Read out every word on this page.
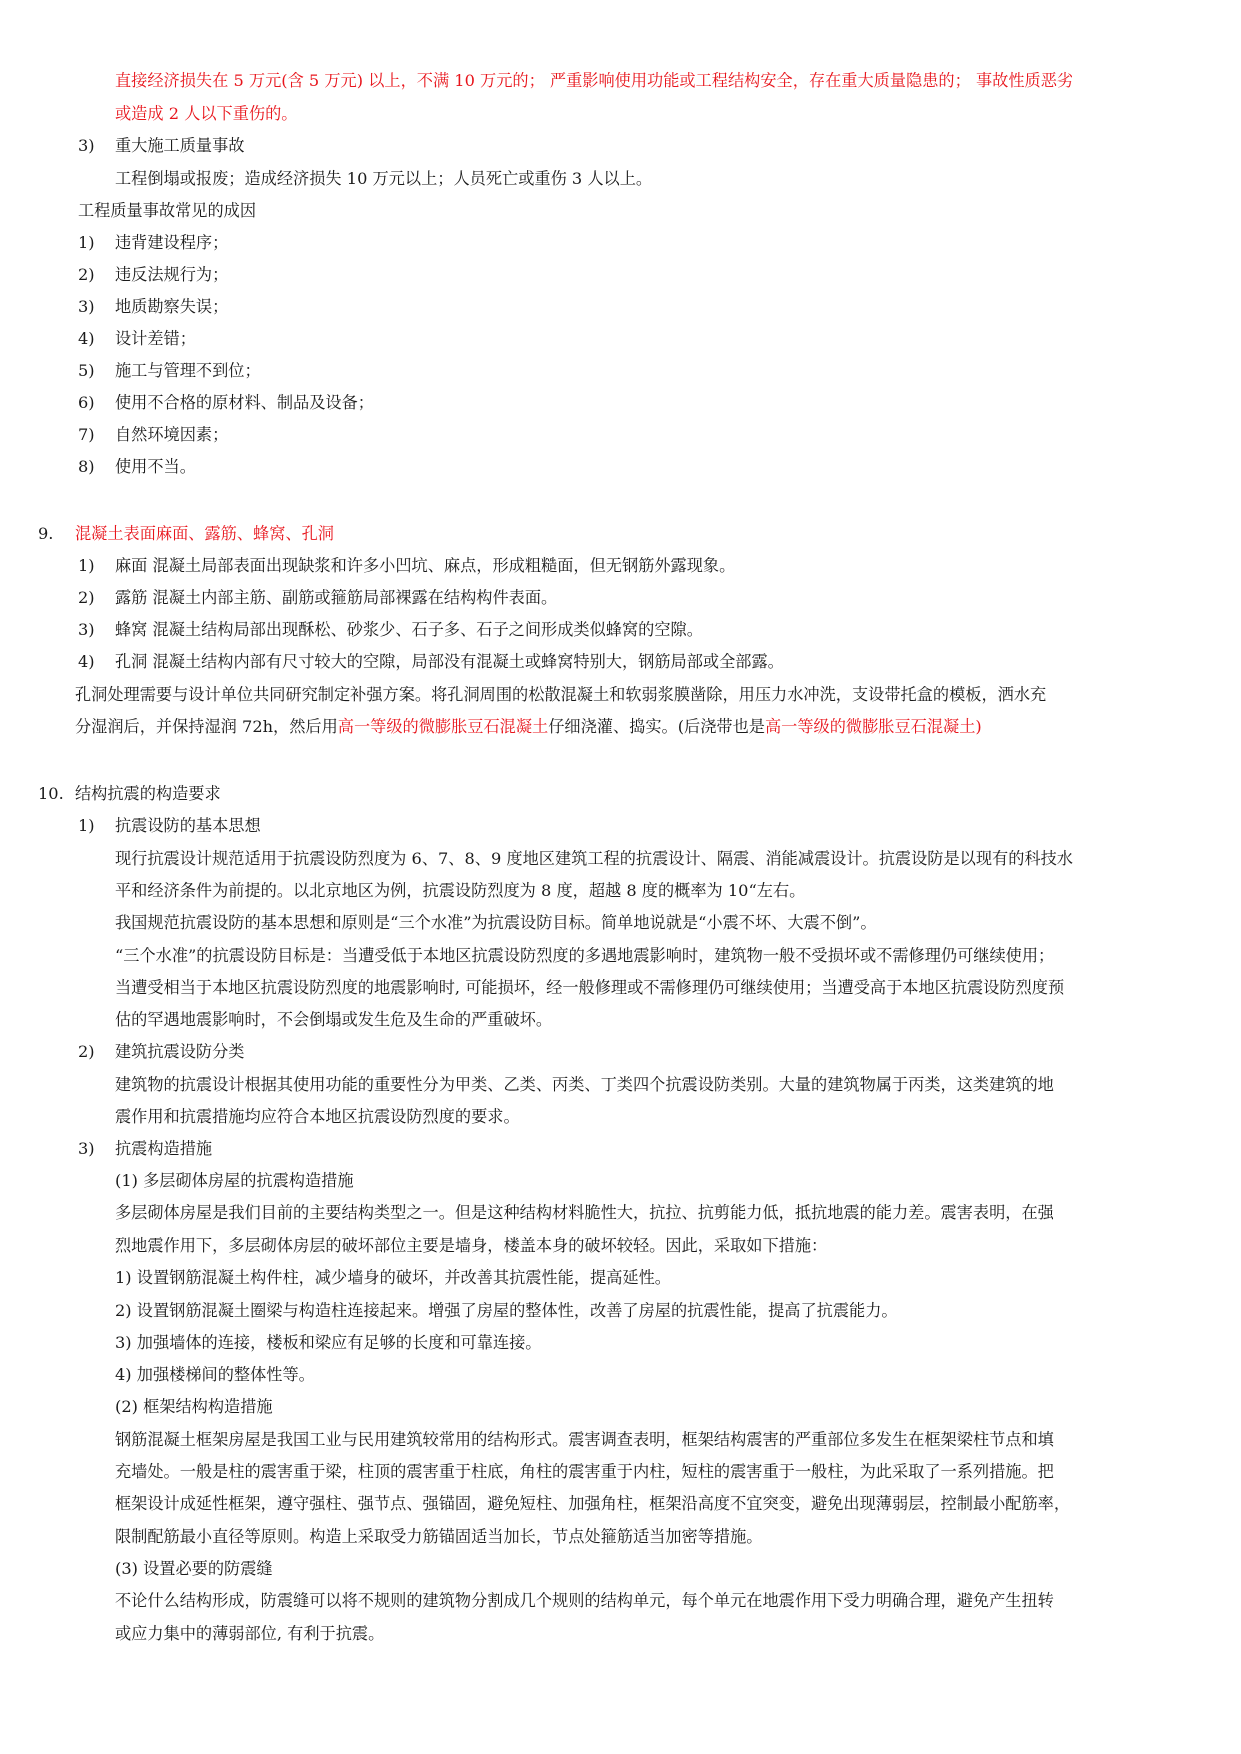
直接经济损失在 5 万元(含 5 万元) 以上，不满 10 万元的； 严重影响使用功能或工程结构安全，存在重大质量隐患的； 事故性质恶劣
或造成 2 人以下重伤的。
3) 重大施工质量事故
工程倒塌或报废；造成经济损失 10 万元以上；人员死亡或重伤 3 人以上。
工程质量事故常见的成因
1) 违背建设程序；
2) 违反法规行为；
3) 地质勘察失误；
4) 设计差错；
5) 施工与管理不到位；
6) 使用不合格的原材料、制品及设备；
7) 自然环境因素；
8) 使用不当。
9. 混凝土表面麻面、露筋、蜂窝、孔洞
1) 麻面 混凝土局部表面出现缺浆和许多小凹坑、麻点，形成粗糙面，但无钢筋外露现象。
2) 露筋 混凝土内部主筋、副筋或箍筋局部裸露在结构构件表面。
3) 蜂窝 混凝土结构局部出现酥松、砂浆少、石子多、石子之间形成类似蜂窝的空隙。
4) 孔洞 混凝土结构内部有尺寸较大的空隙，局部没有混凝土或蜂窝特别大，钢筋局部或全部露。
孔洞处理需要与设计单位共同研究制定补强方案。将孔洞周围的松散混凝土和软弱浆膜凿除，用压力水冲洗，支设带托盒的模板，洒水充
分湿润后，并保持湿润 72h，然后用高一等级的微膨胀豆石混凝土仔细浇灌、捣实。(后浇带也是高一等级的微膨胀豆石混凝土)
10. 结构抗震的构造要求
1) 抗震设防的基本思想
现行抗震设计规范适用于抗震设防烈度为 6、7、8、9 度地区建筑工程的抗震设计、隔震、消能减震设计。抗震设防是以现有的科技水
平和经济条件为前提的。以北京地区为例，抗震设防烈度为 8 度，超越 8 度的概率为 10“左右。
我国规范抗震设防的基本思想和原则是“三个水准”为抗震设防目标。简单地说就是“小震不坏、大震不倒”。
“三个水准”的抗震设防目标是：当遭受低于本地区抗震设防烈度的多遇地震影响时，建筑物一般不受损坏或不需修理仍可继续使用；
当遭受相当于本地区抗震设防烈度的地震影响时, 可能损坏，经一般修理或不需修理仍可继续使用；当遭受高于本地区抗震设防烈度预
估的罕遇地震影响时，不会倒塌或发生危及生命的严重破坏。
2) 建筑抗震设防分类
建筑物的抗震设计根据其使用功能的重要性分为甲类、乙类、丙类、丁类四个抗震设防类别。大量的建筑物属于丙类，这类建筑的地
震作用和抗震措施均应符合本地区抗震设防烈度的要求。
3) 抗震构造措施
(1) 多层砌体房屋的抗震构造措施
多层砌体房屋是我们目前的主要结构类型之一。但是这种结构材料脆性大，抗拉、抗剪能力低，抵抗地震的能力差。震害表明，在强
烈地震作用下，多层砌体房层的破坏部位主要是墙身，楼盖本身的破坏较轻。因此，采取如下措施：
1) 设置钢筋混凝土构件柱，减少墙身的破坏，并改善其抗震性能，提高延性。
2) 设置钢筋混凝土圈梁与构造柱连接起来。增强了房屋的整体性，改善了房屋的抗震性能，提高了抗震能力。
3) 加强墙体的连接，楼板和梁应有足够的长度和可靠连接。
4) 加强楼梯间的整体性等。
(2) 框架结构构造措施
钢筋混凝土框架房屋是我国工业与民用建筑较常用的结构形式。震害调查表明，框架结构震害的严重部位多发生在框架梁柱节点和填
充墙处。一般是柱的震害重于梁，柱顶的震害重于柱底，角柱的震害重于内柱，短柱的震害重于一般柱，为此采取了一系列措施。把
框架设计成延性框架，遵守强柱、强节点、强锚固，避免短柱、加强角柱，框架沿高度不宜突变，避免出现薄弱层，控制最小配筋率，
限制配筋最小直径等原则。构造上采取受力筋锚固适当加长，节点处箍筋适当加密等措施。
(3) 设置必要的防震缝
不论什么结构形成，防震缝可以将不规则的建筑物分割成几个规则的结构单元，每个单元在地震作用下受力明确合理，避免产生扭转
或应力集中的薄弱部位, 有利于抗震。
